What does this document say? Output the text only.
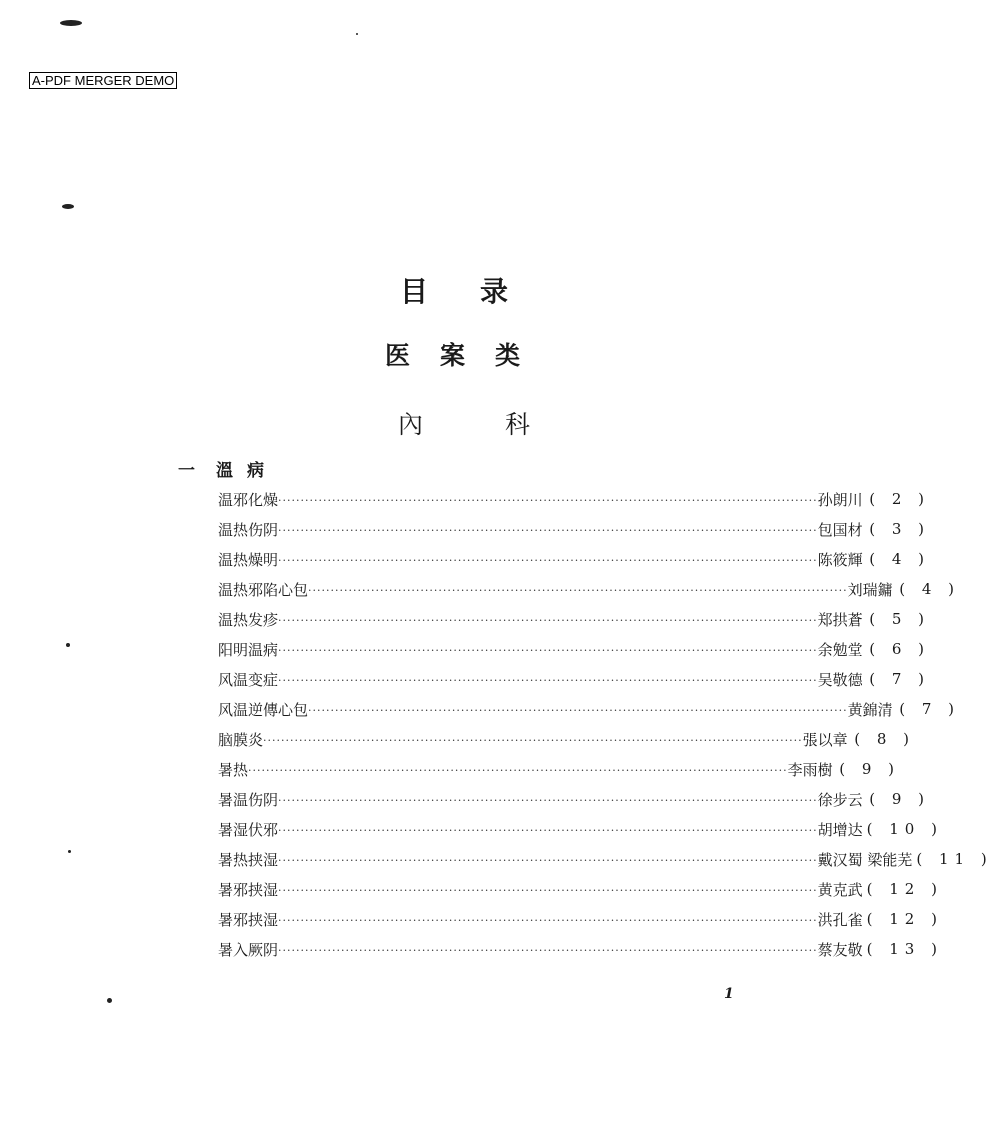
A-PDF MERGER DEMO
目录
医案类
內科
一 溫病
温邪化燥 ························································································································ 孙朗川 ( 2 )
温热伤阴 ························································································································ 包国材 ( 3 )
温热燥明 ························································································································ 陈筱輝 ( 4 )
温热邪陷心包 ························································································································ 刘瑞鏞 ( 4 )
温热发疹 ························································································································ 郑拱蒼 ( 5 )
阳明温病 ························································································································ 余勉堂 ( 6 )
风温变症 ························································································································ 吴敬德 ( 7 )
风温逆傳心包 ························································································································ 黄錦清 ( 7 )
脑膜炎 ························································································································ 張以章 ( 8 )
暑热 ························································································································ 李雨樹 ( 9 )
暑温伤阴 ························································································································ 徐步云 ( 9 )
暑湿伏邪 ························································································································ 胡增达 ( 10 )
暑热挟湿 ························································································································ 戴汉蜀 梁能芜 ( 11 )
暑邪挟湿 ························································································································ 黄克武 ( 12 )
暑邪挟湿 ························································································································ 洪孔雀 ( 12 )
暑入厥阴 ························································································································ 蔡友敬 ( 13 )
1
